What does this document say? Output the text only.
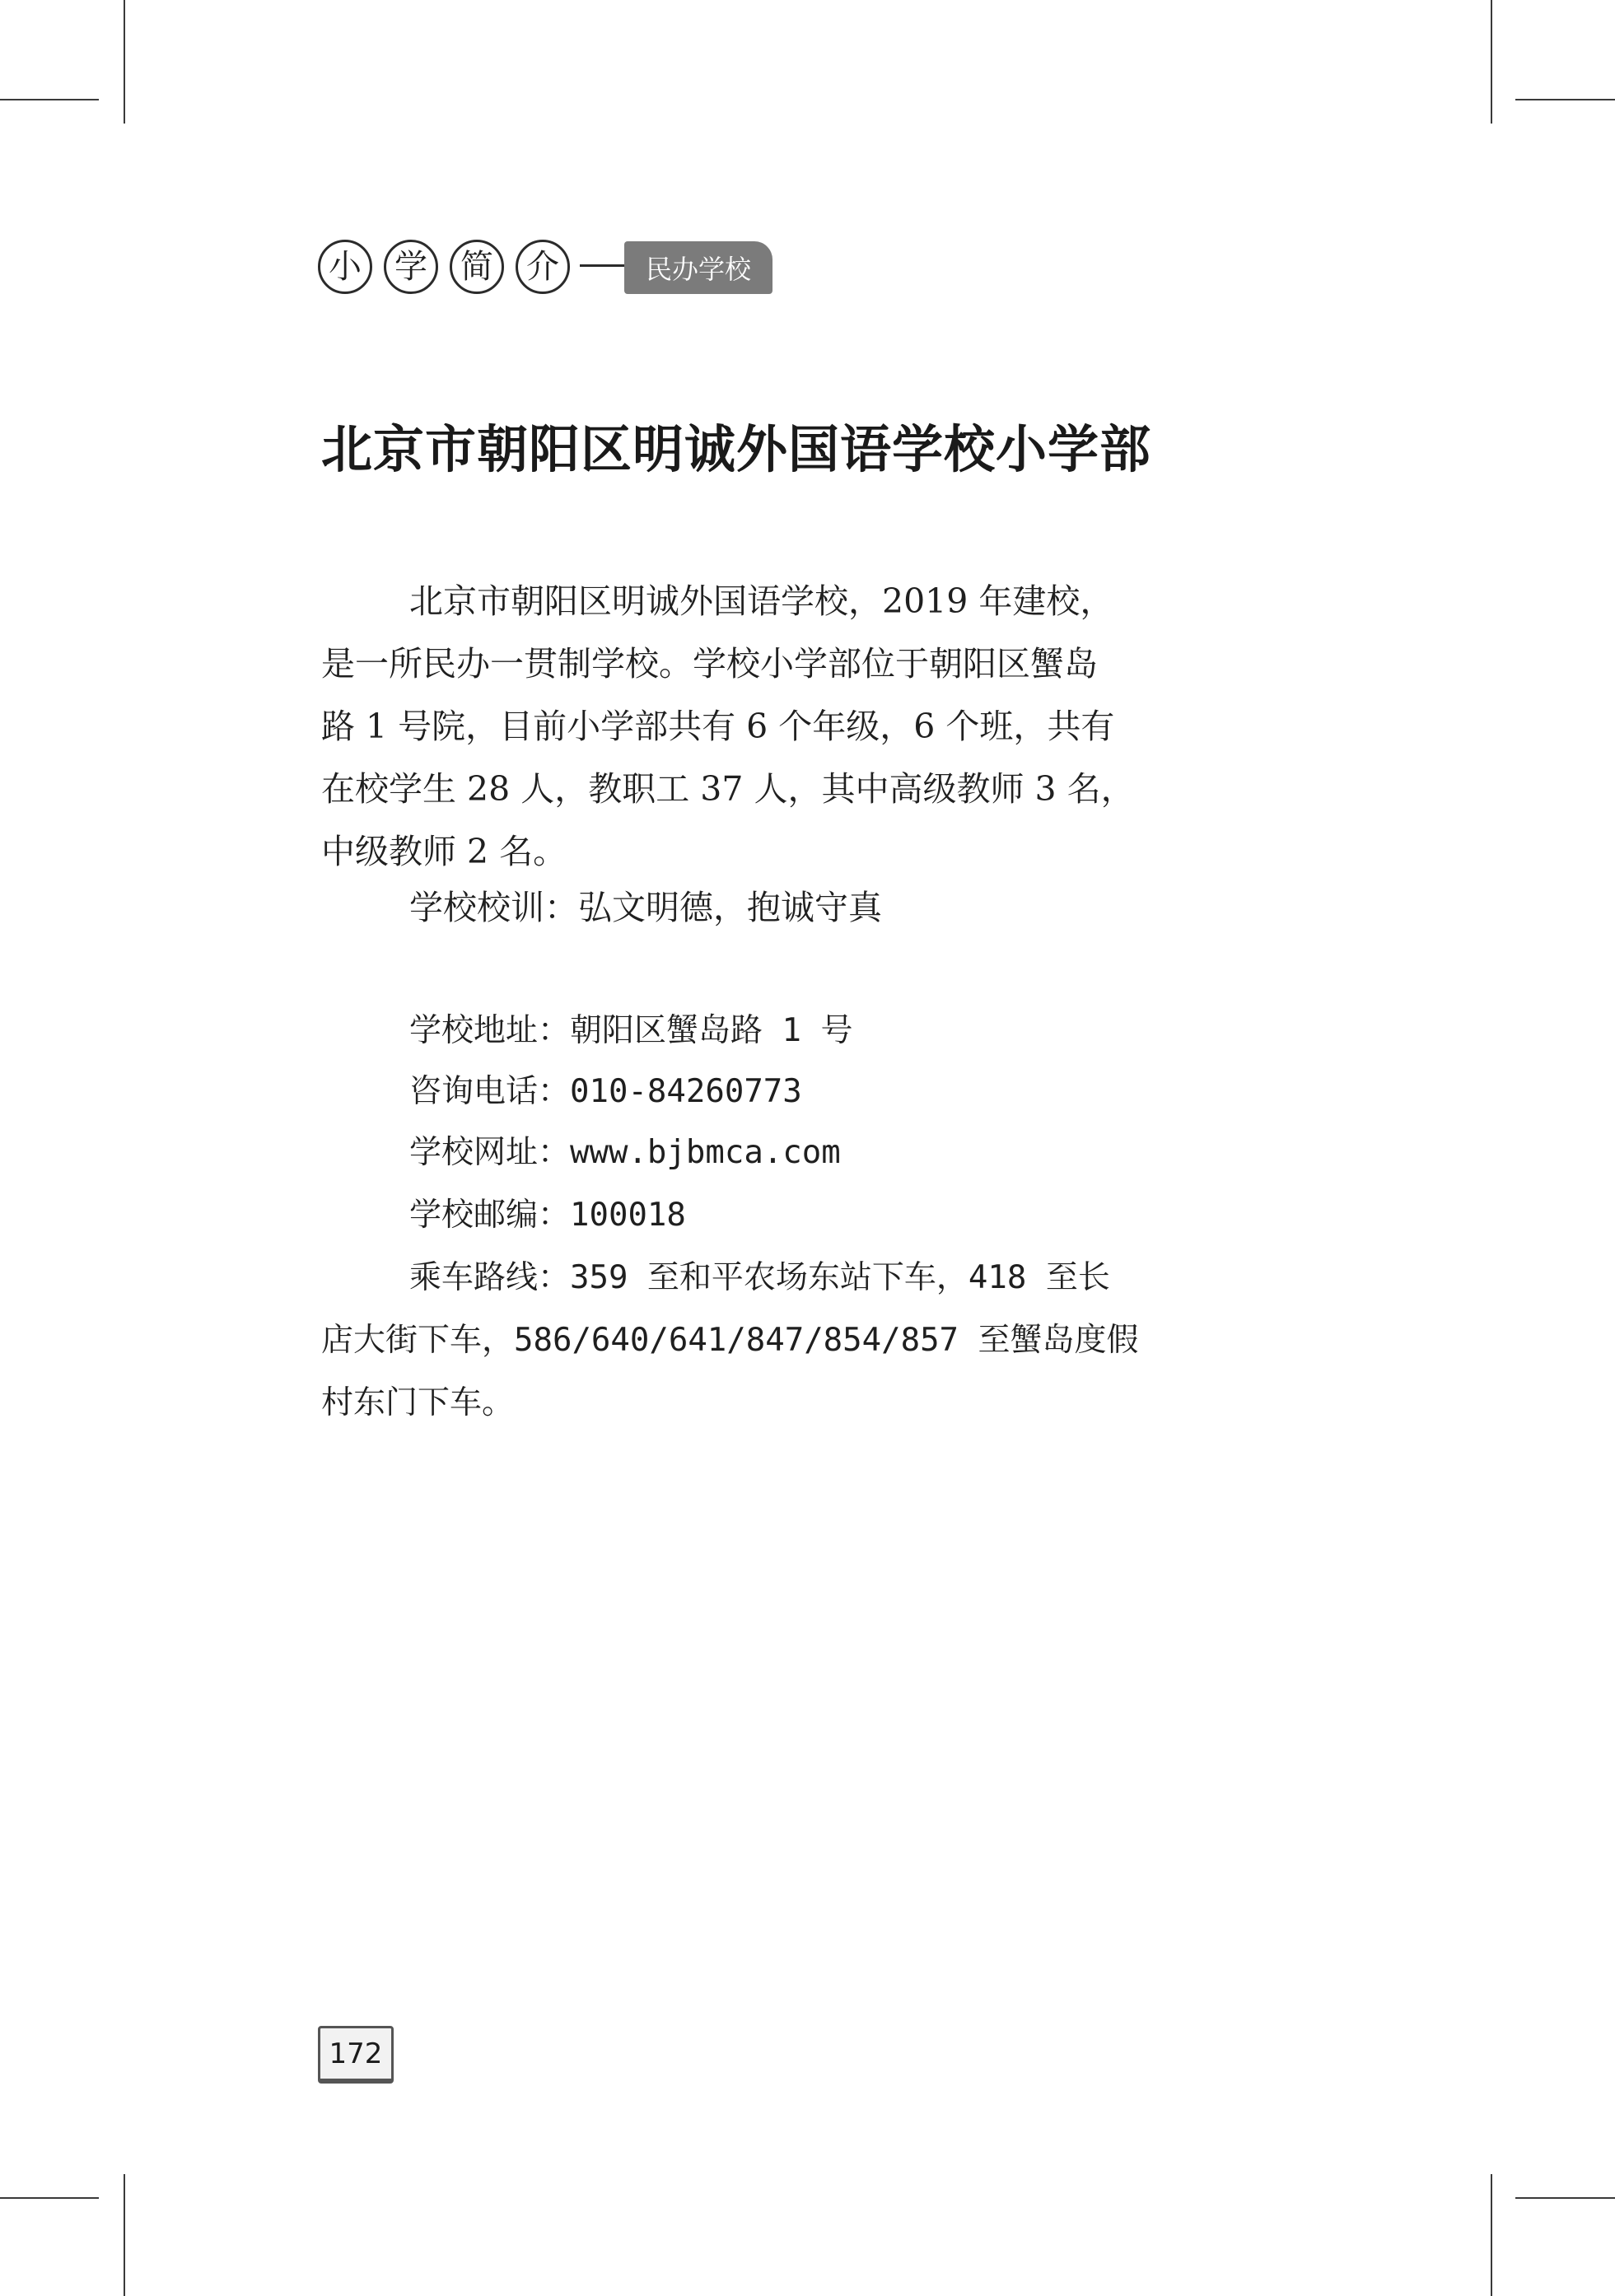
小	学	简	介	民办学校
北京市朝阳区明诚外国语学校小学部

北京市朝阳区明诚外国语学校，2019 年建校，

是一所民办一贯制学校。学校小学部位于朝阳区蟹岛

路 1 号院，目前小学部共有 6 个年级，6 个班，共有

在校学生 28 人，教职工 37 人，其中高级教师 3 名，

中级教师 2 名。

学校校训：弘文明德，抱诚守真

学校地址：朝阳区蟹岛路 1 号

咨询电话：010-84260773

学校网址：www.bjbmca.com

学校邮编：100018

乘车路线：359 至和平农场东站下车，418 至长

店大街下车，586/640/641/847/854/857 至蟹岛度假

村东门下车。

172
